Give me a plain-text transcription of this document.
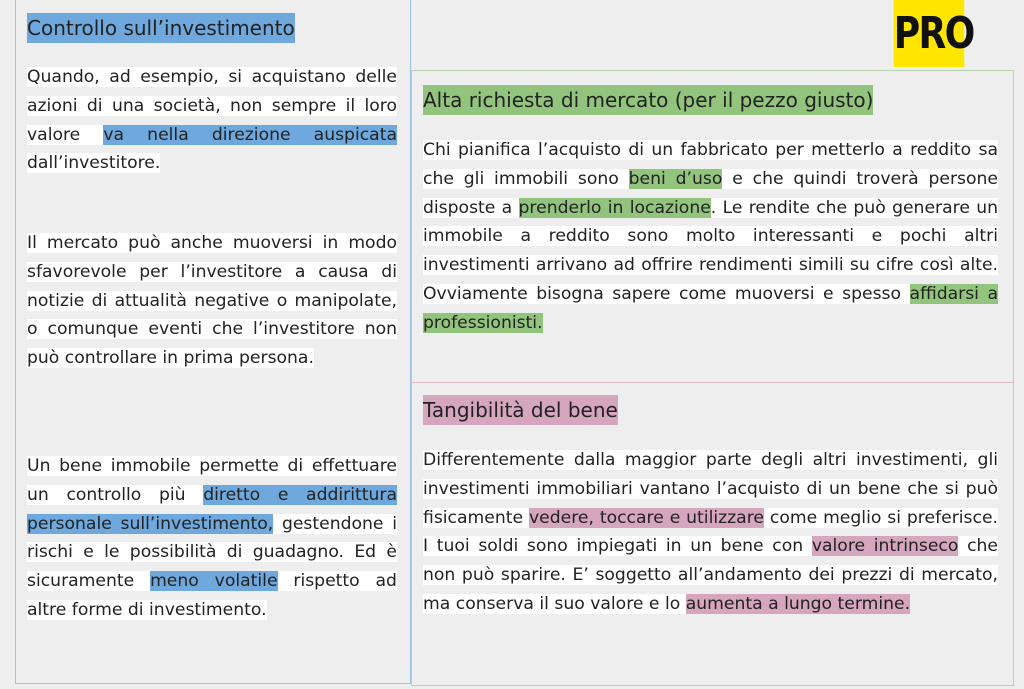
PRO
Controllo sull’investimento
Quando, ad esempio, si acquistano delle azioni di una società, non sempre il loro valore va nella direzione auspicata dall’investitore.
Il mercato può anche muoversi in modo sfavorevole per l’investitore a causa di notizie di attualità negative o manipolate, o comunque eventi che l’investitore non può controllare in prima persona.
Un bene immobile permette di effettuare un controllo più diretto e addirittura personale sull’investimento, gestendone i rischi e le possibilità di guadagno. Ed è sicuramente meno volatile rispetto ad altre forme di investimento.
Alta richiesta di mercato (per il pezzo giusto)
Chi pianifica l’acquisto di un fabbricato per metterlo a reddito sa che gli immobili sono beni d’uso e che quindi troverà persone disposte a prenderlo in locazione. Le rendite che può generare un immobile a reddito sono molto interessanti e pochi altri investimenti arrivano ad offrire rendimenti simili su cifre così alte. Ovviamente bisogna sapere come muoversi e spesso affidarsi a professionisti.
Tangibilità del bene
Differentemente dalla maggior parte degli altri investimenti, gli investimenti immobiliari vantano l’acquisto di un bene che si può fisicamente vedere, toccare e utilizzare come meglio si preferisce. I tuoi soldi sono impiegati in un bene con valore intrinseco che non può sparire. E’ soggetto all’andamento dei prezzi di mercato, ma conserva il suo valore e lo aumenta a lungo termine.
